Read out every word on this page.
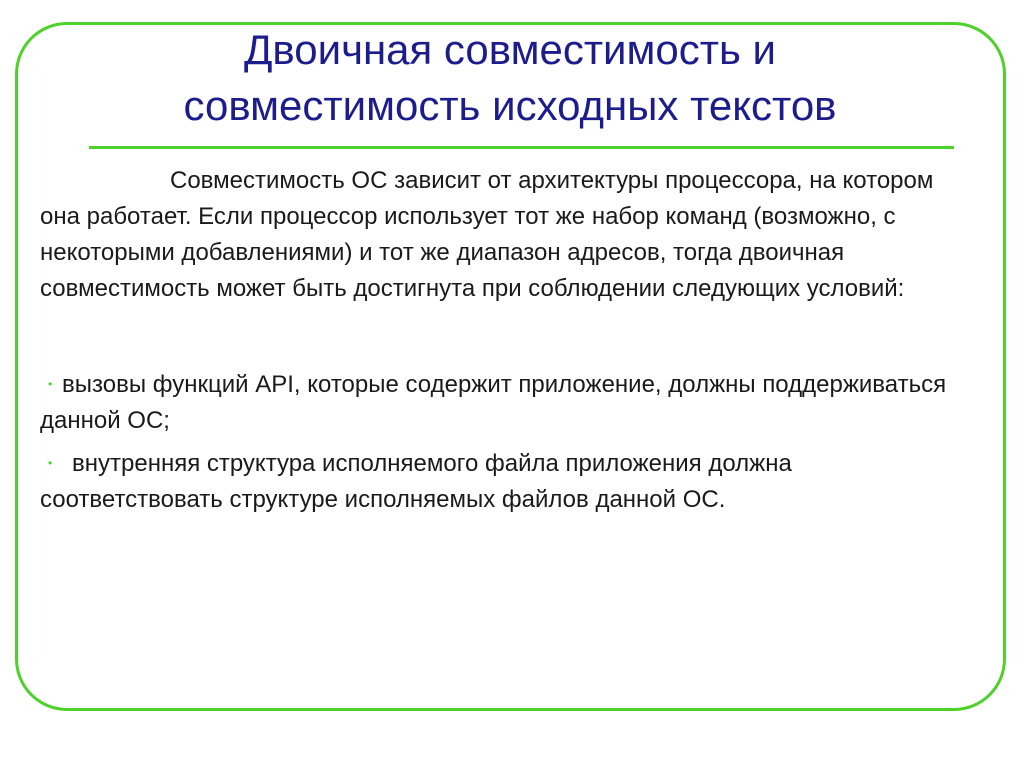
Двоичная совместимость и
совместимость исходных текстов

Совместимость ОС зависит от архитектуры процессора, на котором она работает. Если процессор использует тот же набор команд (возможно, с некоторыми добавлениями) и тот же диапазон адресов, тогда двоичная совместимость может быть достигнута при соблюдении следующих условий:

• вызовы функций API, которые содержит приложение, должны поддерживаться данной ОС;
• внутренняя структура исполняемого файла приложения должна соответствовать структуре исполняемых файлов данной ОС.
